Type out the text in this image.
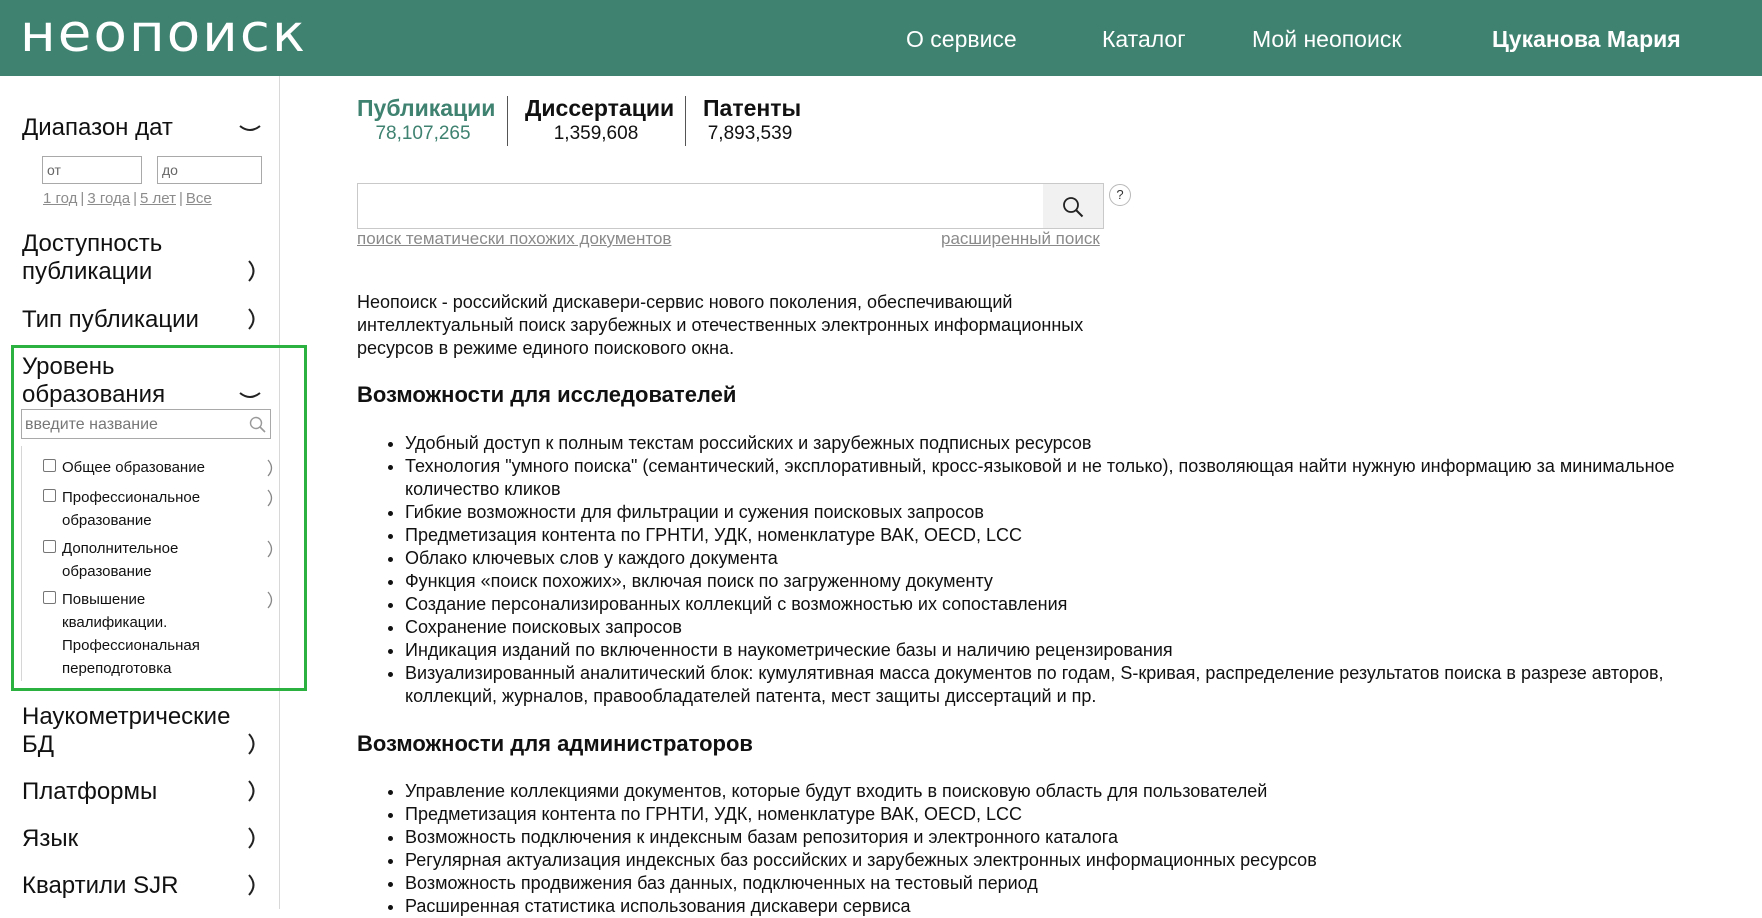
неопоиск	О сервисе	Каталог	Мой неопоиск	Цуканова Мария
Диапазон дат
от	до
1 год | 3 года | 5 лет | Все
Доступность публикации
Тип публикации
Уровень образования
введите название
Общее образование
Профессиональное образование
Дополнительное образование
Повышение квалификации. Профессиональная переподготовка
Наукометрические БД
Платформы
Язык
Квартили SJR
Публикации
78,107,265
Диссертации
1,359,608
Патенты
7,893,539
?
поиск тематически похожих документов	расширенный поиск
Неопоиск - российский дискавери-сервис нового поколения, обеспечивающий интеллектуальный поиск зарубежных и отечественных электронных информационных ресурсов в режиме единого поискового окна.
Возможности для исследователей
• Удобный доступ к полным текстам российских и зарубежных подписных ресурсов
• Технология "умного поиска" (семантический, эксплоративный, кросс-языковой и не только), позволяющая найти нужную информацию за минимальное количество кликов
• Гибкие возможности для фильтрации и сужения поисковых запросов
• Предметизация контента по ГРНТИ, УДК, номенклатуре ВАК, OECD, LCC
• Облако ключевых слов у каждого документа
• Функция «поиск похожих», включая поиск по загруженному документу
• Создание персонализированных коллекций с возможностью их сопоставления
• Сохранение поисковых запросов
• Индикация изданий по включенности в наукометрические базы и наличию рецензирования
• Визуализированный аналитический блок: кумулятивная масса документов по годам, S-кривая, распределение результатов поиска в разрезе авторов, коллекций, журналов, правообладателей патента, мест защиты диссертаций и пр.
Возможности для администраторов
• Управление коллекциями документов, которые будут входить в поисковую область для пользователей
• Предметизация контента по ГРНТИ, УДК, номенклатуре ВАК, OECD, LCC
• Возможность подключения к индексным базам репозитория и электронного каталога
• Регулярная актуализация индексных баз российских и зарубежных электронных информационных ресурсов
• Возможность продвижения баз данных, подключенных на тестовый период
• Расширенная статистика использования дискавери сервиса
